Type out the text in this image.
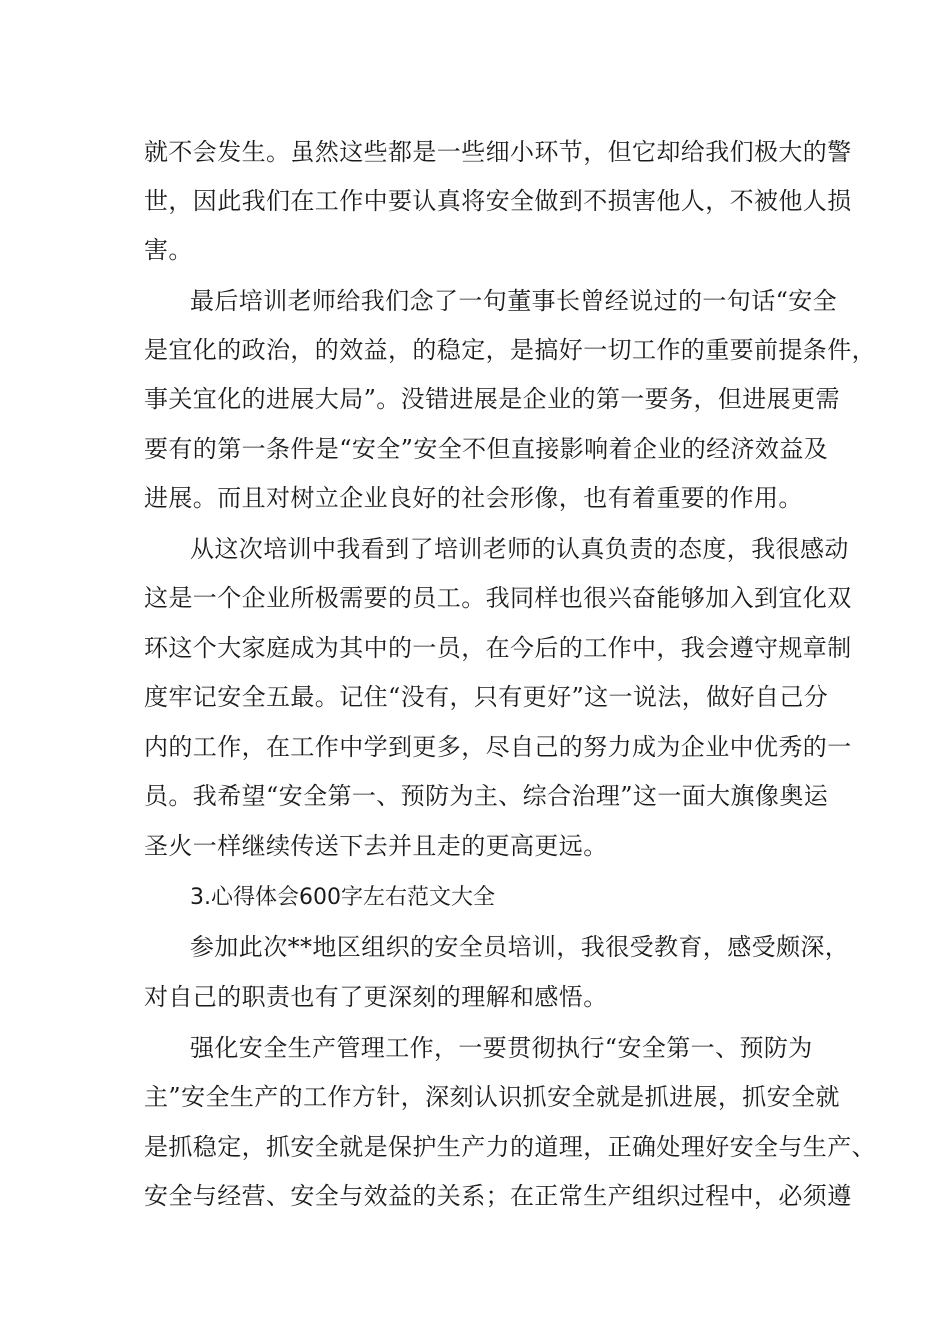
就不会发生。虽然这些都是一些细小环节，但它却给我们极大的警
世，因此我们在工作中要认真将安全做到不损害他人，不被他人损
害。
最后培训老师给我们念了一句董事长曾经说过的一句话“安全
是宜化的政治，的效益，的稳定，是搞好一切工作的重要前提条件，
事关宜化的进展大局”。没错进展是企业的第一要务，但进展更需
要有的第一条件是“安全”安全不但直接影响着企业的经济效益及
进展。而且对树立企业良好的社会形像，也有着重要的作用。
从这次培训中我看到了培训老师的认真负责的态度，我很感动
这是一个企业所极需要的员工。我同样也很兴奋能够加入到宜化双
环这个大家庭成为其中的一员，在今后的工作中，我会遵守规章制
度牢记安全五最。记住“没有，只有更好”这一说法，做好自己分
内的工作，在工作中学到更多，尽自己的努力成为企业中优秀的一
员。我希望“安全第一、预防为主、综合治理”这一面大旗像奥运
圣火一样继续传送下去并且走的更高更远。
3.心得体会600字左右范文大全
参加此次**地区组织的安全员培训，我很受教育，感受颇深，
对自己的职责也有了更深刻的理解和感悟。
强化安全生产管理工作，一要贯彻执行“安全第一、预防为
主”安全生产的工作方针，深刻认识抓安全就是抓进展，抓安全就
是抓稳定，抓安全就是保护生产力的道理，正确处理好安全与生产、
安全与经营、安全与效益的关系；在正常生产组织过程中，必须遵
